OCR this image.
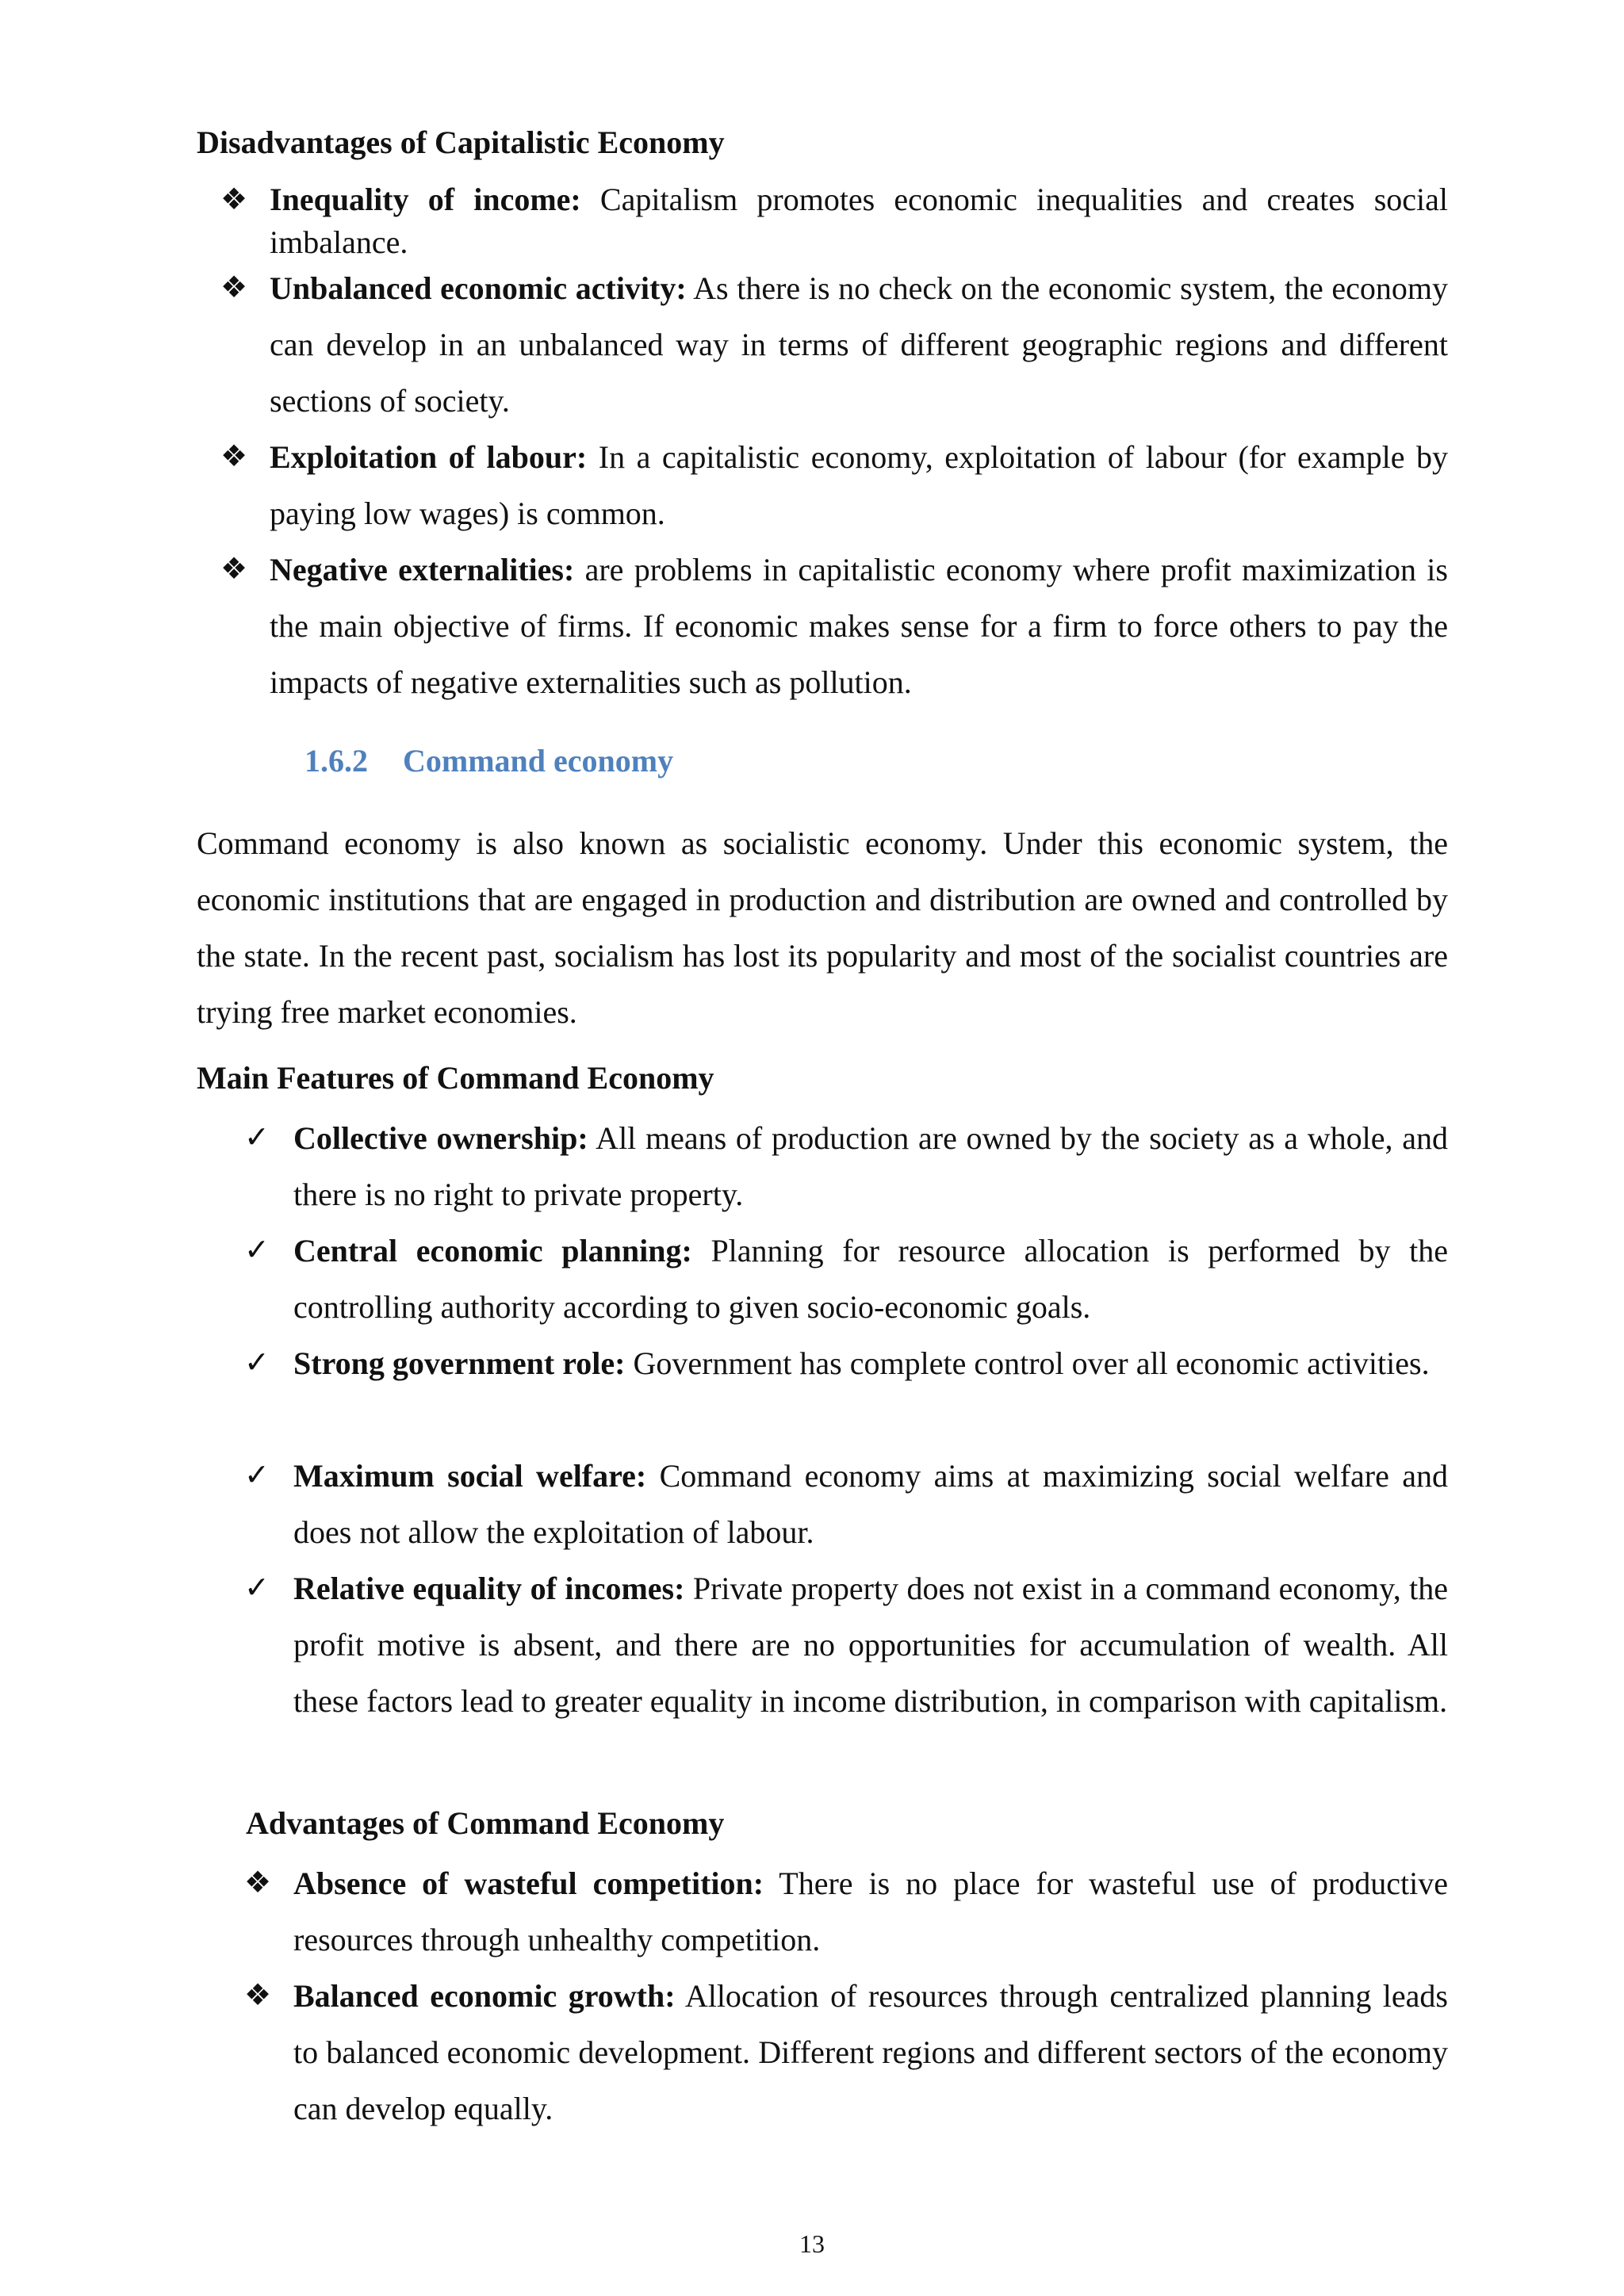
Disadvantages of Capitalistic Economy
❖ Inequality of income: Capitalism promotes economic inequalities and creates social imbalance.
❖ Unbalanced economic activity: As there is no check on the economic system, the economy can develop in an unbalanced way in terms of different geographic regions and different sections of society.
❖ Exploitation of labour: In a capitalistic economy, exploitation of labour (for example by paying low wages) is common.
❖ Negative externalities: are problems in capitalistic economy where profit maximization is the main objective of firms. If economic makes sense for a firm to force others to pay the impacts of negative externalities such as pollution.
1.6.2 Command economy
Command economy is also known as socialistic economy. Under this economic system, the economic institutions that are engaged in production and distribution are owned and controlled by the state. In the recent past, socialism has lost its popularity and most of the socialist countries are trying free market economies.
Main Features of Command Economy
✓ Collective ownership: All means of production are owned by the society as a whole, and there is no right to private property.
✓ Central economic planning: Planning for resource allocation is performed by the controlling authority according to given socio-economic goals.
✓ Strong government role: Government has complete control over all economic activities.
✓ Maximum social welfare: Command economy aims at maximizing social welfare and does not allow the exploitation of labour.
✓ Relative equality of incomes: Private property does not exist in a command economy, the profit motive is absent, and there are no opportunities for accumulation of wealth. All these factors lead to greater equality in income distribution, in comparison with capitalism.
Advantages of Command Economy
❖ Absence of wasteful competition: There is no place for wasteful use of productive resources through unhealthy competition.
❖ Balanced economic growth: Allocation of resources through centralized planning leads to balanced economic development. Different regions and different sectors of the economy can develop equally.
13
